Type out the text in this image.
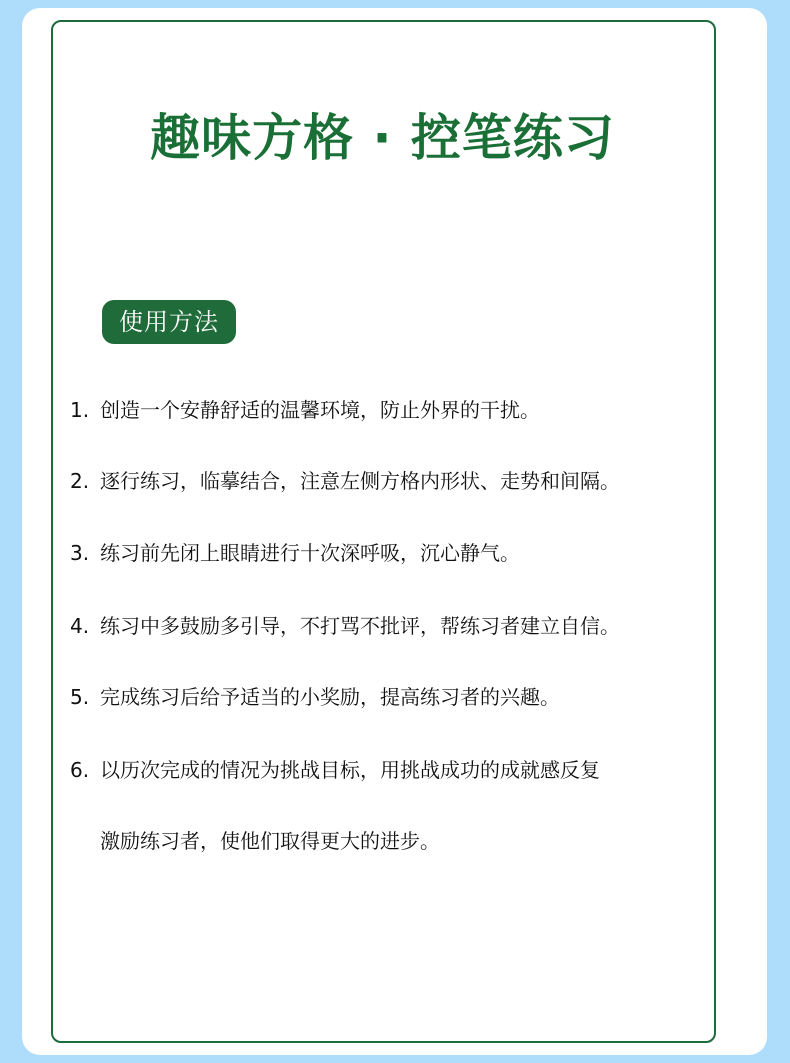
趣味方格 · 控笔练习
使用方法
1. 创造一个安静舒适的温馨环境，防止外界的干扰。
2. 逐行练习，临摹结合，注意左侧方格内形状、走势和间隔。
3. 练习前先闭上眼睛进行十次深呼吸，沉心静气。
4. 练习中多鼓励多引导，不打骂不批评，帮练习者建立自信。
5. 完成练习后给予适当的小奖励，提高练习者的兴趣。
6. 以历次完成的情况为挑战目标，用挑战成功的成就感反复
激励练习者，使他们取得更大的进步。
